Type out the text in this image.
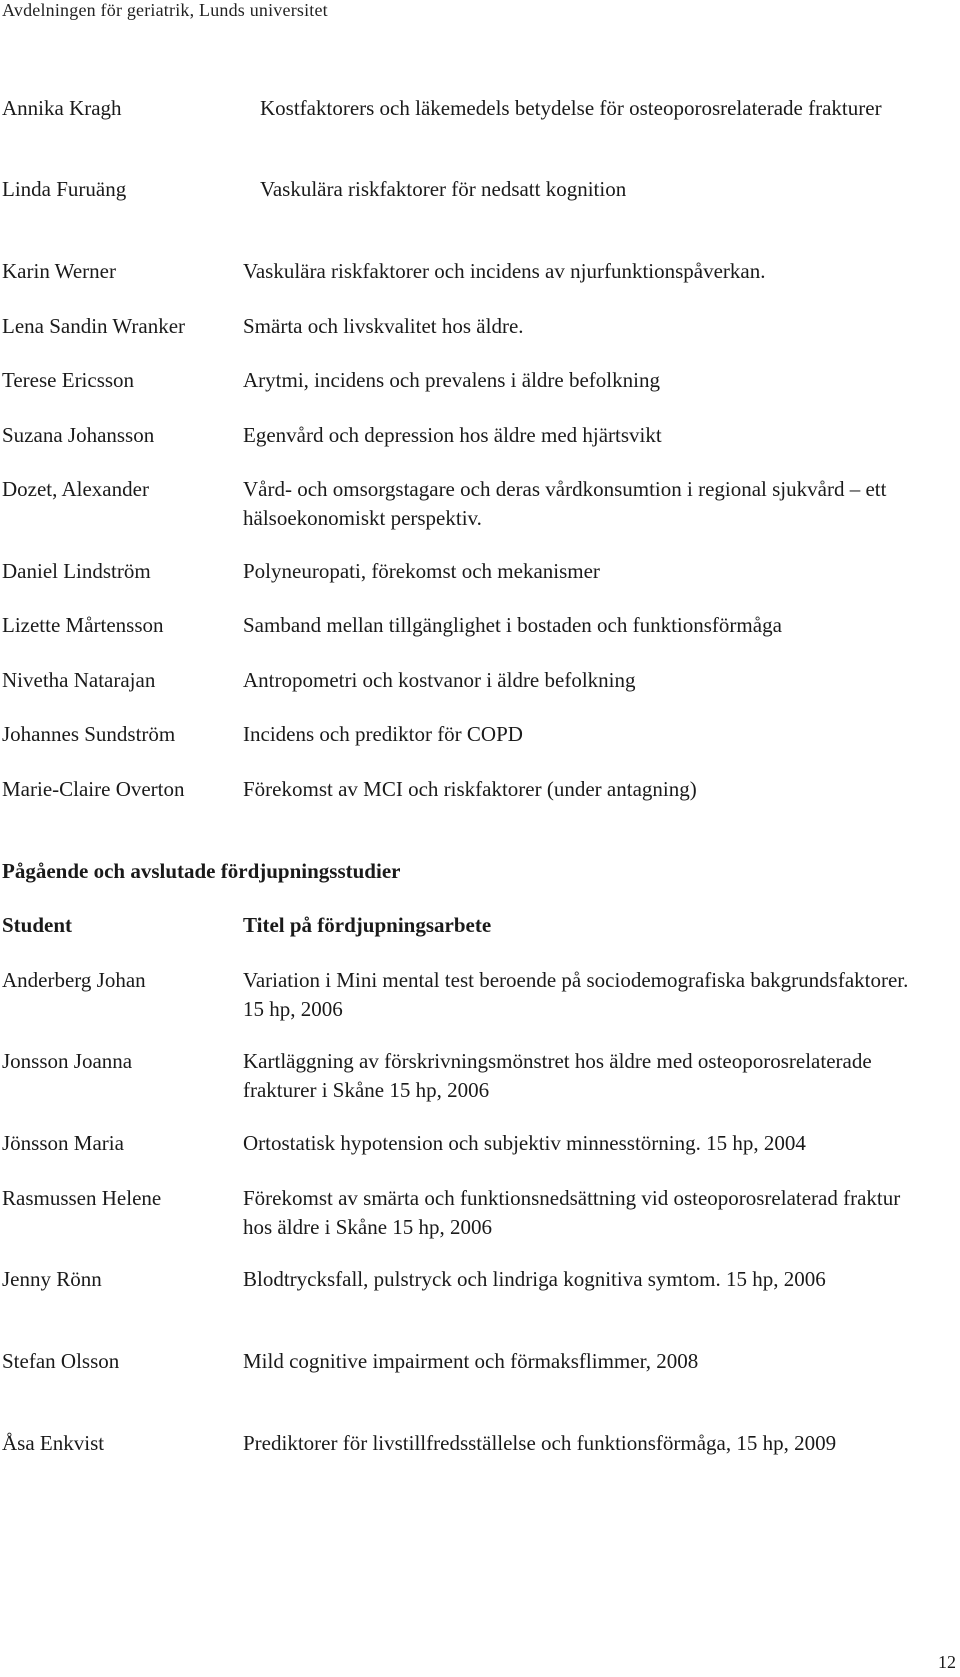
Avdelningen för geriatrik, Lunds universitet
Annika Kragh	Kostfaktorers och läkemedels betydelse för osteoporosrelaterade frakturer
Linda Furuäng	Vaskulära riskfaktorer för nedsatt kognition
Karin Werner	Vaskulära riskfaktorer och incidens av njurfunktionspåverkan.
Lena Sandin Wranker	Smärta och livskvalitet hos äldre.
Terese Ericsson	Arytmi, incidens och prevalens i äldre befolkning
Suzana Johansson	Egenvård och depression hos äldre med hjärtsvikt
Dozet, Alexander	Vård- och omsorgstagare och deras vårdkonsumtion i regional sjukvård – ett hälsoekonomiskt perspektiv.
Daniel Lindström	Polyneuropati, förekomst och mekanismer
Lizette Mårtensson	Samband mellan tillgänglighet i bostaden och funktionsförmåga
Nivetha Natarajan	Antropometri och kostvanor i äldre befolkning
Johannes Sundström	Incidens och prediktor för COPD
Marie-Claire Overton	Förekomst av MCI och riskfaktorer (under antagning)
Pågående och avslutade fördjupningsstudier
Student	Titel på fördjupningsarbete
Anderberg Johan	Variation i Mini mental test beroende på sociodemografiska bakgrundsfaktorer. 15 hp, 2006
Jonsson Joanna	Kartläggning av förskrivningsmönstret hos äldre med osteoporosrelaterade frakturer i Skåne 15 hp, 2006
Jönsson Maria	Ortostatisk hypotension och subjektiv minnesstörning. 15 hp, 2004
Rasmussen Helene	Förekomst av smärta och funktionsnedsättning vid osteoporosrelaterad fraktur hos äldre i Skåne 15 hp, 2006
Jenny Rönn	Blodtrycksfall, pulstryck och lindriga kognitiva symtom. 15 hp, 2006
Stefan Olsson	Mild cognitive impairment och förmaksflimmer, 2008
Åsa Enkvist	Prediktorer för livstillfredsställelse och funktionsförmåga, 15 hp, 2009
12
